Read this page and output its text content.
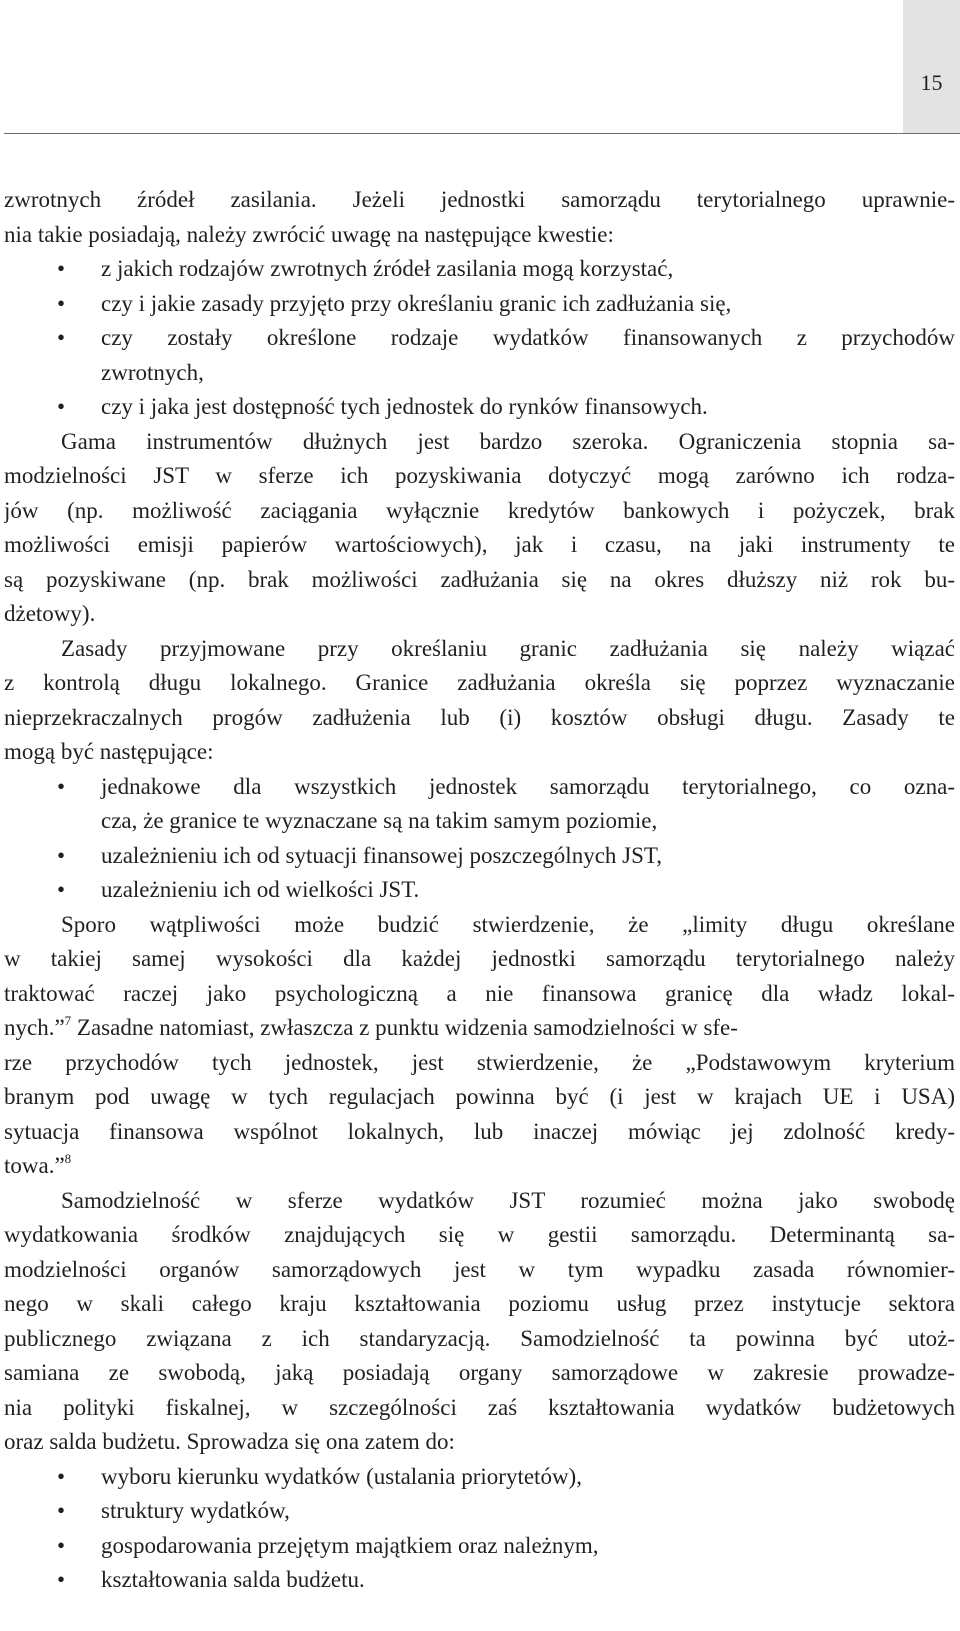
15
zwrotnych źródeł zasilania. Jeżeli jednostki samorządu terytorialnego uprawnie-
nia takie posiadają, należy zwrócić uwagę na następujące kwestie:
• z jakich rodzajów zwrotnych źródeł zasilania mogą korzystać,
• czy i jakie zasady przyjęto przy określaniu granic ich zadłużania się,
• czy zostały określone rodzaje wydatków finansowanych z przychodów
zwrotnych,
• czy i jaka jest dostępność tych jednostek do rynków finansowych.
Gama instrumentów dłużnych jest bardzo szeroka. Ograniczenia stopnia sa-
modzielności JST w sferze ich pozyskiwania dotyczyć mogą zarówno ich rodza-
jów (np. możliwość zaciągania wyłącznie kredytów bankowych i pożyczek, brak
możliwości emisji papierów wartościowych), jak i czasu, na jaki instrumenty te
są pozyskiwane (np. brak możliwości zadłużania się na okres dłuższy niż rok bu-
dżetowy).
Zasady przyjmowane przy określaniu granic zadłużania się należy wiązać
z kontrolą długu lokalnego. Granice zadłużania określa się poprzez wyznaczanie
nieprzekraczalnych progów zadłużenia lub (i) kosztów obsługi długu. Zasady te
mogą być następujące:
• jednakowe dla wszystkich jednostek samorządu terytorialnego, co ozna-
cza, że granice te wyznaczane są na takim samym poziomie,
• uzależnieniu ich od sytuacji finansowej poszczególnych JST,
• uzależnieniu ich od wielkości JST.
Sporo wątpliwości może budzić stwierdzenie, że „limity długu określane
w takiej samej wysokości dla każdej jednostki samorządu terytorialnego należy
traktować raczej jako psychologiczną a nie finansowa granicę dla władz lokal-
nych.”$^7$ Zasadne natomiast, zwłaszcza z punktu widzenia samodzielności w sfe-
rze przychodów tych jednostek, jest stwierdzenie, że „Podstawowym kryterium
branym pod uwagę w tych regulacjach powinna być (i jest w krajach UE i USA)
sytuacja finansowa wspólnot lokalnych, lub inaczej mówiąc jej zdolność kredy-
towa.”$^8$
Samodzielność w sferze wydatków JST rozumieć można jako swobodę
wydatkowania środków znajdujących się w gestii samorządu. Determinantą sa-
modzielności organów samorządowych jest w tym wypadku zasada równomier-
nego w skali całego kraju kształtowania poziomu usług przez instytucje sektora
publicznego związana z ich standaryzacją. Samodzielność ta powinna być utoż-
samiana ze swobodą, jaką posiadają organy samorządowe w zakresie prowadze-
nia polityki fiskalnej, w szczególności zaś kształtowania wydatków budżetowych
oraz salda budżetu. Sprowadza się ona zatem do:
• wyboru kierunku wydatków (ustalania priorytetów),
• struktury wydatków,
• gospodarowania przejętym majątkiem oraz należnym,
• kształtowania salda budżetu.
